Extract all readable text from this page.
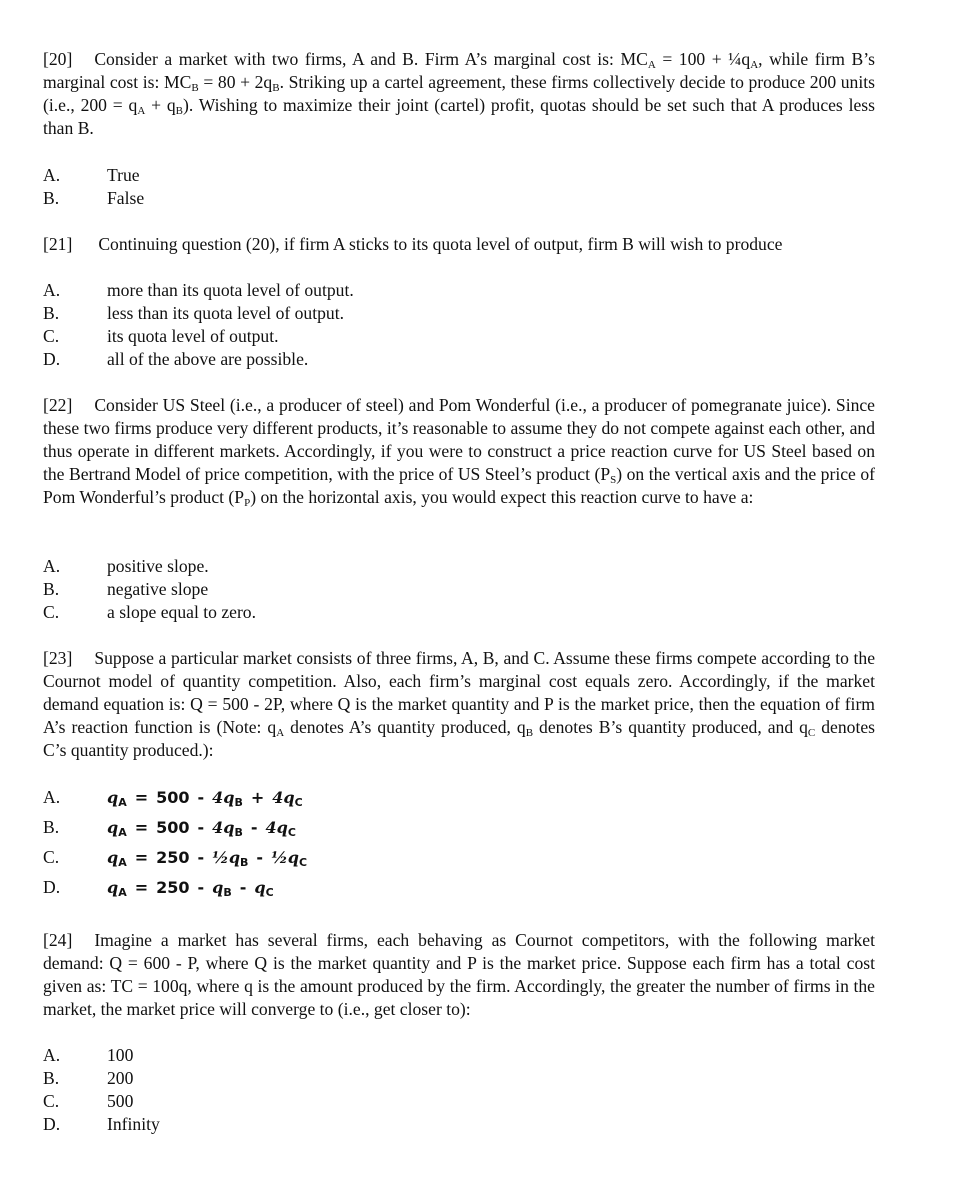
[20] Consider a market with two firms, A and B. Firm A’s marginal cost is: $MC_A = 100$ + $\frac{1}{4}q_A$, while firm B’s marginal cost is: $MC_B = 80 + 2q_B$. Striking up a cartel agreement, these firms collectively decide to produce 200 units (i.e., $200 = q_A + q_B$). Wishing to maximize their joint (cartel) profit, quotas should be set such that A produces less than B.
A.	True
B.	False
[21] Continuing question (20), if firm A sticks to its quota level of output, firm B will wish to produce
A.	more than its quota level of output.
B.	less than its quota level of output.
C.	its quota level of output.
D.	all of the above are possible.
[22] Consider US Steel (i.e., a producer of steel) and Pom Wonderful (i.e., a producer of pomegranate juice). Since these two firms produce very different products, it’s reasonable to assume they do not compete against each other, and thus operate in different markets. Accordingly, if you were to construct a price reaction curve for US Steel based on the Bertrand Model of price competition, with the price of US Steel’s product $(P_S)$ on the vertical axis and the price of Pom Wonderful’s product $(P_P)$ on the horizontal axis, you would expect this reaction curve to have a:
A.	positive slope.
B.	negative slope
C.	a slope equal to zero.
[23] Suppose a particular market consists of three firms, A, B, and C. Assume these firms compete according to the Cournot model of quantity competition. Also, each firm’s marginal cost equals zero. Accordingly, if the market demand equation is: Q = 500 - 2P, where Q is the market quantity and P is the market price, then the equation of firm A’s reaction function is (Note: $q_A$ denotes A’s quantity produced, $q_B$ denotes B’s quantity produced, and $q_C$ denotes C’s quantity produced.):
A.	$q_A = 500 - 4q_B + 4q_C$
B.	$q_A = 500 - 4q_B - 4q_C$
C.	$q_A = 250$ - $\frac{1}{2}q_B$ - $\frac{1}{2}q_C$
D.	$q_A = 250 - q_B - q_C$
[24] Imagine a market has several firms, each behaving as Cournot competitors, with the following market demand: Q = 600 - P, where Q is the market quantity and P is the market price. Suppose each firm has a total cost given as: TC = 100q, where q is the amount produced by the firm. Accordingly, the greater the number of firms in the market, the market price will converge to (i.e., get closer to):
A.	100
B.	200
C.	500
D.	Infinity
